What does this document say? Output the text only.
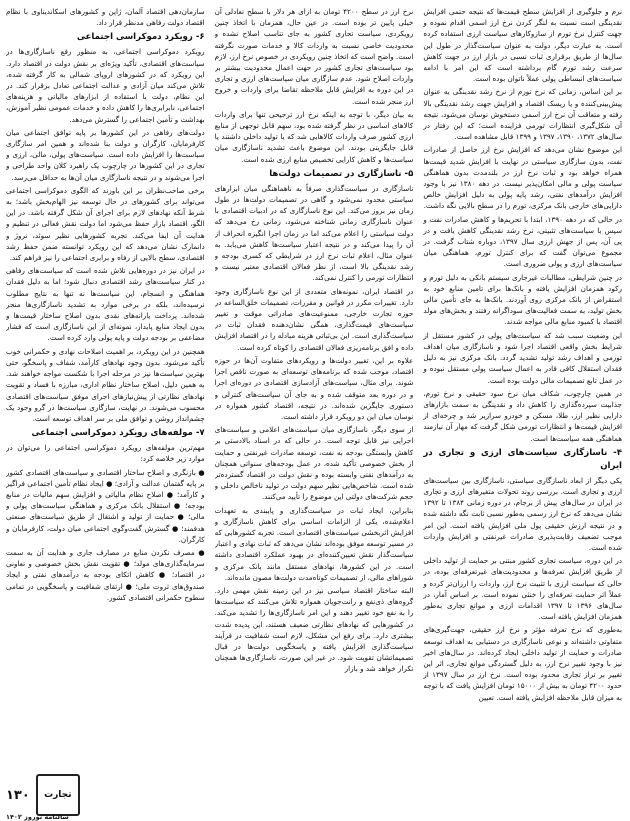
نرم و جلوگیری از افزایش سطح قیمت‌ها که نتیجه حتمی افزایش نقدینگی است نسبت به لنگر کردن نرخ ارز اسمی اقدام نموده و جهت کنترل نرخ تورم از سازوکارهای سیاست ارزی استفاده کرده است. به عبارت دیگر، دولت به عنوان سیاست‌گذار در طول این سال‌ها از طریق برقراری ثبات نسبی در بازار ارز در جهت کاهش سرعت رشد تورم گام برداشته است که این امر با ادامه سیاست‌های انبساطی پولی عملاً ناتوان بوده است.

بر این اساس، زمانی که نرخ تورم از نرخ رشد نقدینگی به عنوان پیش‌بینی‌کننده و یا ریسک اقتصاد و افزایش جهت رشد نقدینگی بالا رفته و متعاقب آن نرخ ارز اسمی دستخوش نوسان می‌شود، نتیجه آن شکل‌گیری انتظارات تورمی فزاینده است؛ که این رفتار در سال‌های ۱۳۷۲، ۱۳۹۰، ۱۳۹۷ و ۱۳۹۹ قابل مشاهده است.

این موضوع نشان می‌دهد که افزایش نرخ ارز حاصل از صادرات نفت، بدون سازگاری سیاستی در نهایت با افزایش شدید قیمت‌ها همراه خواهد بود و ثبات نرخ ارز در بلندمدت بدون هماهنگی سیاست پولی و مالی امکان‌پذیر نیست. در دهه ۱۳۸۰ نیز با وجود افزایش درآمدهای نفتی، رشد پایه پولی به دلیل افزایش خالص دارایی‌های خارجی بانک مرکزی، تورم را در سطح بالایی نگه داشت.

در حالی که در دهه ۱۳۹۰، ابتدا با تحریم‌ها و کاهش صادرات نفت و سپس با سیاست‌های تثبیتی، نرخ رشد نقدینگی کاهش یافت و در پی آن، پس از جهش ارزی سال ۱۳۹۷، دوباره شتاب گرفت. در مجموع می‌توان گفت که برای کنترل تورم، هماهنگی میان سیاست‌های ارزی و پولی ضروری است.

در چنین شرایطی، مطالبات غیرجاری سیستم بانکی به دلیل تورم و رکود همزمان افزایش یافته و بانک‌ها برای تامین منابع خود به استقراض از بانک مرکزی روی آوردند. بانک‌ها به جای تأمین مالی بخش تولید، به سمت فعالیت‌های سوداگرانه رفتند و بخش‌های مولد اقتصاد با کمبود منابع مالی مواجه شدند.

این وضعیت سبب شد که سیاست‌های پولی در کشور مستقل از شرایط بخش واقعی اقتصاد اجرا شود و ناسازگاری میان اهداف تورمی و اهداف رشد تولید تشدید گردد. بانک مرکزی نیز به دلیل فقدان استقلال کافی قادر به اعمال سیاست پولی مستقل نبوده و در عمل تابع تصمیمات مالی دولت بوده است.

در همین چارچوب، شکاف میان نرخ سود حقیقی و نرخ تورم، جذابیت سپرده‌گذاری را کاهش داد و نقدینگی به سمت بازارهای دارایی نظیر ارز، طلا، مسکن و خودرو سرازیر شد و چرخه‌ای از افزایش قیمت‌ها و انتظارات تورمی شکل گرفت که مهار آن نیازمند هماهنگی همه سیاست‌ها است.

۴- ناسازگاری سیاست‌های ارزی و تجاری در ایران

یکی دیگر از ابعاد ناسازگاری سیاستی، ناسازگاری بین سیاست‌های ارزی و تجاری است. بررسی روند تحولات متغیرهای ارزی و تجاری در ایران در سال‌های پیش از برجام، در دوره زمانی ۱۳۸۴ تا ۱۳۹۲ نشان می‌دهد که نرخ ارز رسمی به‌طور نسبی ثابت نگه داشته شده و در نتیجه ارزش حقیقی پول ملی افزایش یافته است. این امر موجب تضعیف رقابت‌پذیری صادرات غیرنفتی و افزایش واردات شده است.

در این دوره، سیاست تجاری کشور مبتنی بر حمایت از تولید داخلی از طریق افزایش تعرفه‌ها و محدودیت‌های غیرتعرفه‌ای بوده، در حالی که سیاست ارزی با تثبیت نرخ ارز، واردات را ارزان‌تر کرده و عملاً اثر حمایت تعرفه‌ای را خنثی نموده است. بر اساس آمار، در سال‌های ۱۳۹۶ تا ۱۳۹۷ اقدامات ارزی و موانع تجاری به‌طور همزمان افزایش یافته است.

به‌طوری که نرخ تعرفه مؤثر و نرخ ارز حقیقی، جهت‌گیری‌های متفاوتی داشته‌اند و نوعی ناسازگاری در دستیابی به اهداف توسعه صادرات و حمایت از تولید داخلی ایجاد کرده‌اند. در سال‌های اخیر نیز با وجود تغییر نرخ ارز، به دلیل گستردگی موانع تجاری، اثر این تغییر بر تراز تجاری محدود بوده است. نرخ ارز در سال ۱۳۹۷ از حدود ۴۲۰۰ تومان به بیش از ۱۵۰۰۰ تومان افزایش یافت که با توجه به میزان قابل ملاحظه افزایش یافته است. تعیین

نرخ ارز در سطح ۴۲۰۰ تومان به ازای هر دلار با سطح تعادلی آن خیلی پایین تر بوده است. در عین حال، همزمان با اتخاذ چنین رویکردی، سیاست تجاری کشور به جای تناسب اصلاح نشده و محدودیت خاصی نسبت به واردات کالا و خدمات صورت نگرفته است. واضح است که اتخاذ چنین رویکردی در خصوص نرخ ارز، لازم بود سیاست‌های تجاری کشور در جهت اعمال محدودیت بیشتر بر واردات اصلاح شود. عدم سازگاری میان سیاست‌های ارزی و تجاری در این دوره به افزایش قابل ملاحظه تقاضا برای واردات و خروج ارز منجر شده است.

به بیان دیگر، با توجه به اینکه نرخ ارز ترجیحی تنها برای واردات کالاهای اساسی در نظر گرفته شده بود، سهم قابل توجهی از منابع ارزی کشور صرف واردات کالاهایی شد که یا تولید داخلی داشتند یا قابل جایگزینی بودند. این موضوع باعث تشدید ناسازگاری میان سیاست‌ها و کاهش کارایی تخصیص منابع ارزی شده است.

۵- ناسازگاری در تصمیمات دولت‌ها

ناسازگاری در سیاست‌گذاری صرفاً به ناهماهنگی میان ابزارهای سیاستی محدود نمی‌شود و گاهی در تصمیمات دولت‌ها در طول زمان نیز بروز می‌کند. این نوع ناسازگاری که در ادبیات اقتصادی با عنوان ناسازگاری زمانی شناخته می‌شود، زمانی رخ می‌دهد که دولت سیاستی را اعلام می‌کند اما در زمان اجرا انگیزه انحراف از آن را پیدا می‌کند و در نتیجه اعتبار سیاست‌ها کاهش می‌یابد. به عنوان مثال، اعلام ثبات نرخ ارز در شرایطی که کسری بودجه و رشد نقدینگی بالا است، از نظر فعالان اقتصادی معتبر نیست و انتظارات تورمی را کنترل نمی‌کند.

در اقتصاد ایران، نمونه‌های متعددی از این نوع ناسازگاری وجود دارد. تغییرات مکرر در قوانین و مقررات، تصمیمات خلق‌الساعه در حوزه تجارت خارجی، ممنوعیت‌های صادراتی موقت و تغییر سیاست‌های قیمت‌گذاری، همگی نشان‌دهنده فقدان ثبات در سیاست‌گذاری است. این بی‌ثباتی هزینه مبادله را در اقتصاد افزایش داده و افق برنامه‌ریزی فعالان اقتصادی را کوتاه کرده است.

علاوه بر این، تغییر دولت‌ها و رویکردهای متفاوت آن‌ها در حوزه اقتصاد، موجب شده که برنامه‌های توسعه‌ای به صورت ناقص اجرا شوند. برای مثال، سیاست‌های آزادسازی اقتصادی در دوره‌ای اجرا و در دوره بعد متوقف شده و به جای آن سیاست‌های کنترلی و دستوری جایگزین شده‌اند. در نتیجه، اقتصاد کشور همواره در نوسان میان این دو رویکرد قرار داشته است.

از سوی دیگر، ناسازگاری میان سیاست‌های اعلامی و سیاست‌های اجرایی نیز قابل توجه است. در حالی که در اسناد بالادستی بر کاهش وابستگی بودجه به نفت، توسعه صادرات غیرنفتی و حمایت از بخش خصوصی تأکید شده، در عمل بودجه‌های سنواتی همچنان به درآمدهای نفتی وابسته بوده و نقش دولت در اقتصاد گسترده‌تر شده است. شاخص‌هایی نظیر سهم دولت در تولید ناخالص داخلی و حجم شرکت‌های دولتی این موضوع را تأیید می‌کنند.

بنابراین، ایجاد ثبات در سیاست‌گذاری و پایبندی به تعهدات اعلام‌شده، یکی از الزامات اساسی برای کاهش ناسازگاری و افزایش اثربخشی سیاست‌های اقتصادی است. تجربه کشورهایی که در مسیر توسعه موفق بوده‌اند نشان می‌دهد که ثبات نهادی و اعتبار سیاست‌گذار نقش تعیین‌کننده‌ای در بهبود عملکرد اقتصادی داشته است. در این کشورها، نهادهای مستقل مانند بانک مرکزی و شوراهای مالی، از تصمیمات کوتاه‌مدت دولت‌ها مصون مانده‌اند.

البته ساختار اقتصاد سیاسی نیز در این زمینه نقش مهمی دارد. گروه‌های ذی‌نفع و رانت‌جویان همواره تلاش می‌کنند که سیاست‌ها را به نفع خود تغییر دهند و این امر ناسازگاری‌ها را تشدید می‌کند. در کشورهایی که نهادهای نظارتی ضعیف هستند، این پدیده شدت بیشتری دارد. برای رفع این مشکل، لازم است شفافیت در فرآیند سیاست‌گذاری افزایش یافته و پاسخگویی دولت‌ها در قبال تصمیماتشان تقویت شود. در غیر این صورت، ناسازگاری‌ها همچنان تکرار خواهد شد و بازار

سازمان‌دهی اقتصاد آلمان، ژاپن و کشورهای اسکاندیناوی با نظام اقتصاد دولت رفاهی مدنظر قرار داد.

۶- رویکرد دموکراسی اجتماعی

رویکرد دموکراسی اجتماعی، به منظور رفع ناسازگاری‌ها در سیاست‌های اقتصادی، تأکید ویژه‌ای بر نقش دولت در اقتصاد دارد. این رویکرد که در کشورهای اروپای شمالی به کار گرفته شده، تلاش می‌کند میان آزادی و عدالت اجتماعی تعادل برقرار کند. در این نظام، دولت با استفاده از ابزارهای مالیاتی و هزینه‌های اجتماعی، نابرابری‌ها را کاهش داده و خدمات عمومی نظیر آموزش، بهداشت و تأمین اجتماعی را گسترش می‌دهد.

دولت‌های رفاهی در این کشورها بر پایه توافق اجتماعی میان کارفرمایان، کارگران و دولت بنا شده‌اند و همین امر سازگاری سیاست‌ها را افزایش داده است. سیاست‌های پولی، مالی، ارزی و تجاری در این کشورها در چارچوب یک راهبرد کلان واحد طراحی و اجرا می‌شوند و در نتیجه ناسازگاری میان آن‌ها به حداقل می‌رسد.

برخی صاحب‌نظران بر این باورند که الگوی دموکراسی اجتماعی می‌تواند برای کشورهای در حال توسعه نیز الهام‌بخش باشد؛ به شرط آنکه نهادهای لازم برای اجرای آن شکل گرفته باشد. در این الگو، اقتصاد بازار حفظ می‌شود اما دولت نقش فعالی در تنظیم و هدایت آن ایفا می‌کند. تجربه کشورهایی نظیر سوئد، نروژ و دانمارک نشان می‌دهد که این رویکرد توانسته ضمن حفظ رشد اقتصادی، سطح بالایی از رفاه و برابری اجتماعی را نیز فراهم کند.

در ایران نیز در دوره‌هایی تلاش شده است که سیاست‌های رفاهی در کنار سیاست‌های رشد اقتصادی دنبال شود؛ اما به دلیل فقدان هماهنگی و انسجام، این سیاست‌ها نه تنها به نتایج مطلوب نرسیده‌اند، بلکه در برخی موارد به تشدید ناسازگاری‌ها منجر شده‌اند. پرداخت یارانه‌های نقدی بدون اصلاح ساختار قیمت‌ها و بدون ایجاد منابع پایدار، نمونه‌ای از این ناسازگاری است که فشار مضاعفی بر بودجه دولت و پایه پولی وارد کرده است.

همچنین در این رویکرد، بر اهمیت اصلاحات نهادی و حکمرانی خوب تأکید می‌شود. بدون وجود نهادهای کارآمد، شفاف و پاسخگو، حتی بهترین سیاست‌ها نیز در مرحله اجرا با شکست مواجه خواهند شد. به همین دلیل، اصلاح ساختار نظام اداری، مبارزه با فساد و تقویت نهادهای نظارتی از پیش‌نیازهای اجرای موفق سیاست‌های اقتصادی محسوب می‌شوند. در نهایت، سازگاری سیاست‌ها در گرو وجود یک چشم‌انداز روشن و توافق ملی بر سر اهداف توسعه است.

۷- مولفه‌های رویکرد دموکراسی اجتماعی

مهم‌ترین مولفه‌های رویکرد دموکراسی اجتماعی را می‌توان در موارد زیر خلاصه کرد:

● بازنگری و اصلاح ساختار اقتصادی و سیاست‌های اقتصادی کشور بر پایه گفتمان عدالت و آزادی؛ ● ایجاد نظام تأمین اجتماعی فراگیر و کارآمد؛ ● اصلاح نظام مالیاتی و افزایش سهم مالیات در منابع بودجه؛ ● استقلال بانک مرکزی و هماهنگی سیاست‌های پولی و مالی؛ ● حمایت از تولید و اشتغال از طریق سیاست‌های صنعتی هدفمند؛ ● گسترش گفت‌وگوی اجتماعی میان دولت، کارفرمایان و کارگران.

● مصرف نکردن منابع در مصارف جاری و هدایت آن به سمت سرمایه‌گذاری‌های مولد؛ ● تقویت نقش بخش خصوصی و تعاونی در اقتصاد؛ ● کاهش اتکای بودجه به درآمدهای نفتی و ایجاد صندوق‌های ثروت ملی؛ ● ارتقای شفافیت و پاسخگویی در تمامی سطوح حکمرانی اقتصادی کشور.

تجارت
۱۳۰
سالنامه نوروز ۱۴۰۲
